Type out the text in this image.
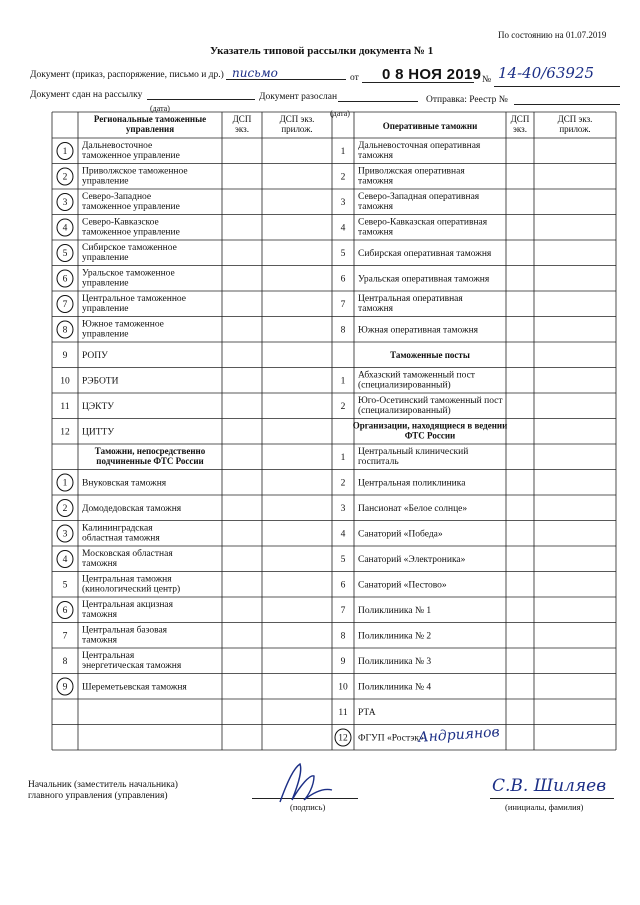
По состоянию на 01.07.2019
Указатель типовой рассылки документа № 1
Документ (приказ, распоряжение, письмо и др.) письмо	от 0 8 НОЯ 2019 № 14-40/63925
Документ сдан на рассылку
(дата)
Документ разослан
(дата)
Отправка: Реестр №
Региональные таможенные
управления
ДСП
экз.
ДСП экз.
прилож.	Оперативные таможни
ДСП
экз.
ДСП экз.
прилож.
1
Дальневосточное
таможенное управление
2
Приволжское таможенное
управление
3
Северо-Западное
таможенное управление
4
Северо-Кавказское
таможенное управление
5
Сибирское таможенное
управление
6
Уральское таможенное
управление
7
Центральное таможенное
управление
8
Южное таможенное
управление
9 РОПУ
10 РЭБОТИ
11 ЦЭКТУ
12 ЦИТТУ
Таможни, непосредственно
подчиненные ФТС России
1 Внуковская таможня
2 Домодедовская таможня
3
Калининградская
областная таможня
4
Московская областная
таможня
5
Центральная таможня
(кинологический центр)
6
Центральная акцизная
таможня
7
Центральная базовая
таможня
8
Центральная
энергетическая таможня
9 Шереметьевская таможня
1
Дальневосточная оперативная
таможня
2
Приволжская оперативная
таможня
3
Северо-Западная оперативная
таможня
4
Северо-Кавказская оперативная
таможня
5 Сибирская оперативная таможня
6 Уральская оперативная таможня
7
Центральная оперативная
таможня
8 Южная оперативная таможня
Таможенные посты
1
Абхазский таможенный пост
(специализированный)
2
Юго-Осетинский таможенный пост
(специализированный)
Организации, находящиеся в ведении
ФТС России
1
Центральный клинический
госпиталь
2 Центральная поликлиника
3 Пансионат «Белое солнце»
4 Санаторий «Победа»
5 Санаторий «Электроника»
6 Санаторий «Пестово»
7 Поликлиника № 1
8 Поликлиника № 2
9 Поликлиника № 3
10 Поликлиника № 4
11 РТА
12 ФГУП «Ростэк»
Андриянов
Начальник (заместитель начальника)
главного управления (управления)
(подпись)
С.В. Шиляев
(инициалы, фамилия)
